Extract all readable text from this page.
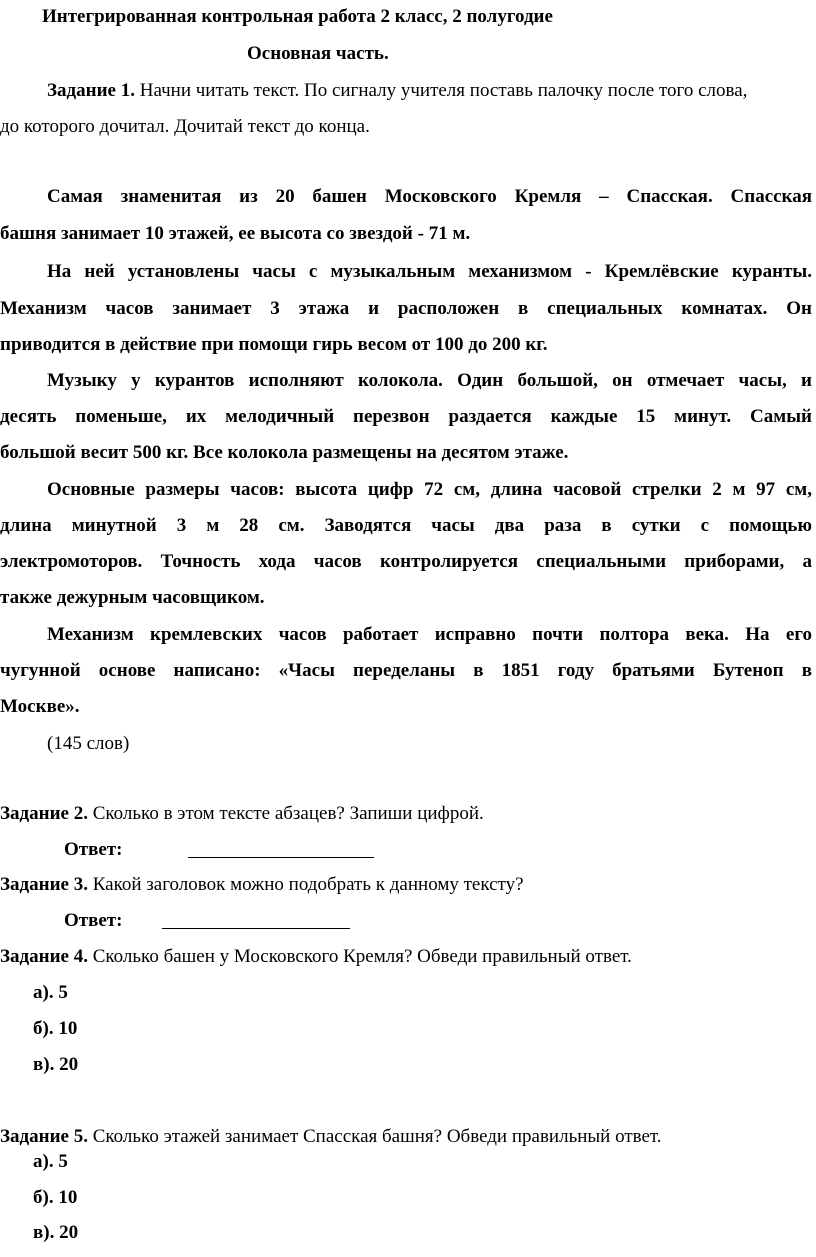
Интегрированная контрольная работа 2 класс, 2 полугодие
Основная часть.
Задание 1. Начни читать текст. По сигналу учителя поставь палочку после того слова,
до которого дочитал. Дочитай текст до конца.
Самая знаменитая из 20 башен Московского Кремля – Спасская. Спасская
башня занимает 10 этажей, ее высота со звездой - 71 м.
На ней установлены часы с музыкальным механизмом - Кремлёвские куранты.
Механизм часов занимает 3 этажа и расположен в специальных комнатах. Он
приводится в действие при помощи гирь весом от 100 до 200 кг.
Музыку у курантов исполняют колокола. Один большой, он отмечает часы, и
десять поменьше, их мелодичный перезвон раздается каждые 15 минут. Самый
большой весит 500 кг. Все колокола размещены на десятом этаже.
Основные размеры часов: высота цифр 72 см, длина часовой стрелки 2 м 97 см,
длина минутной 3 м 28 см. Заводятся часы два раза в сутки с помощью
электромоторов. Точность хода часов контролируется специальными приборами, а
также дежурным часовщиком.
Механизм кремлевских часов работает исправно почти полтора века. На его
чугунной основе написано: «Часы переделаны в 1851 году братьями Бутеноп в
Москве».
(145 слов)
Задание 2. Сколько в этом тексте абзацев? Запиши цифрой.
Ответ:
Задание 3. Какой заголовок можно подобрать к данному тексту?
Ответ:
Задание 4. Сколько башен у Московского Кремля? Обведи правильный ответ.
а). 5
б). 10
в). 20
Задание 5. Сколько этажей занимает Спасская башня? Обведи правильный ответ.
а). 5
б). 10
в). 20
